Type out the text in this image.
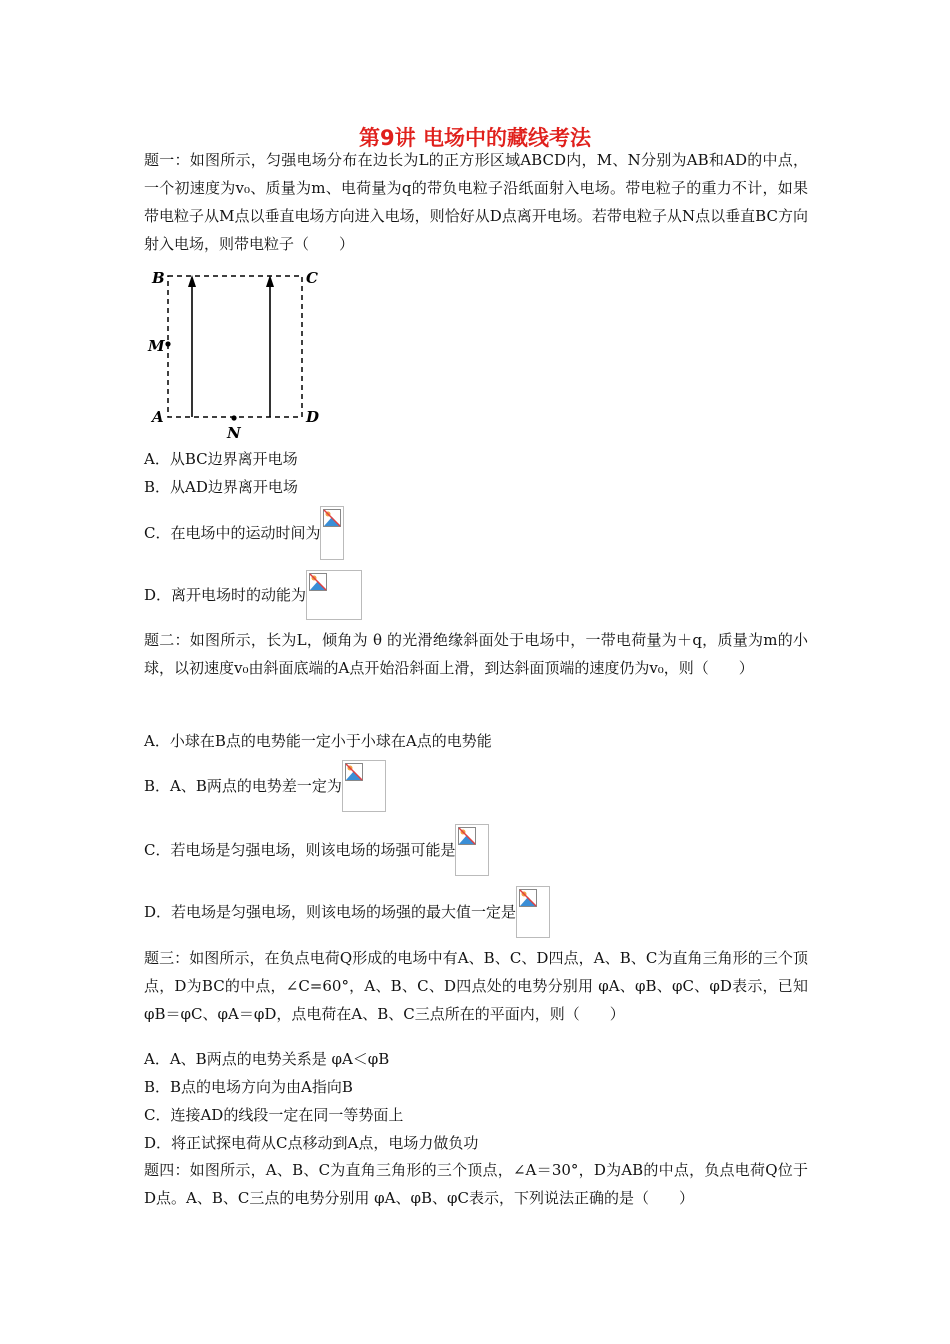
第9讲 电场中的藏线考法
题一：如图所示，匀强电场分布在边长为L的正方形区域ABCD内，M、N分别为AB和AD的中点，一个初速度为v₀、质量为m、电荷量为q的带负电粒子沿纸面射入电场。带电粒子的重力不计，如果带电粒子从M点以垂直电场方向进入电场，则恰好从D点离开电场。若带电粒子从N点以垂直BC方向射入电场，则带电粒子（　　）
B	C
M
A	D
N
A．从BC边界离开电场
B．从AD边界离开电场
C．在电场中的运动时间为
D．离开电场时的动能为
题二：如图所示，长为L，倾角为 θ 的光滑绝缘斜面处于电场中，一带电荷量为＋q，质量为m的小球，以初速度v₀由斜面底端的A点开始沿斜面上滑，到达斜面顶端的速度仍为v₀，则（　　）
A．小球在B点的电势能一定小于小球在A点的电势能
B．A、B两点的电势差一定为
C．若电场是匀强电场，则该电场的场强可能是
D．若电场是匀强电场，则该电场的场强的最大值一定是
题三：如图所示，在负点电荷Q形成的电场中有A、B、C、D四点，A、B、C为直角三角形的三个顶点，D为BC的中点，∠C=60°，A、B、C、D四点处的电势分别用 φA、φB、φC、φD表示，已知φB＝φC、φA＝φD，点电荷在A、B、C三点所在的平面内，则（　　）
A．A、B两点的电势关系是 φA＜φB
B．B点的电场方向为由A指向B
C．连接AD的线段一定在同一等势面上
D．将正试探电荷从C点移动到A点，电场力做负功
题四：如图所示，A、B、C为直角三角形的三个顶点，∠A＝30°，D为AB的中点，负点电荷Q位于D点。A、B、C三点的电势分别用 φA、φB、φC表示，下列说法正确的是（　　）
